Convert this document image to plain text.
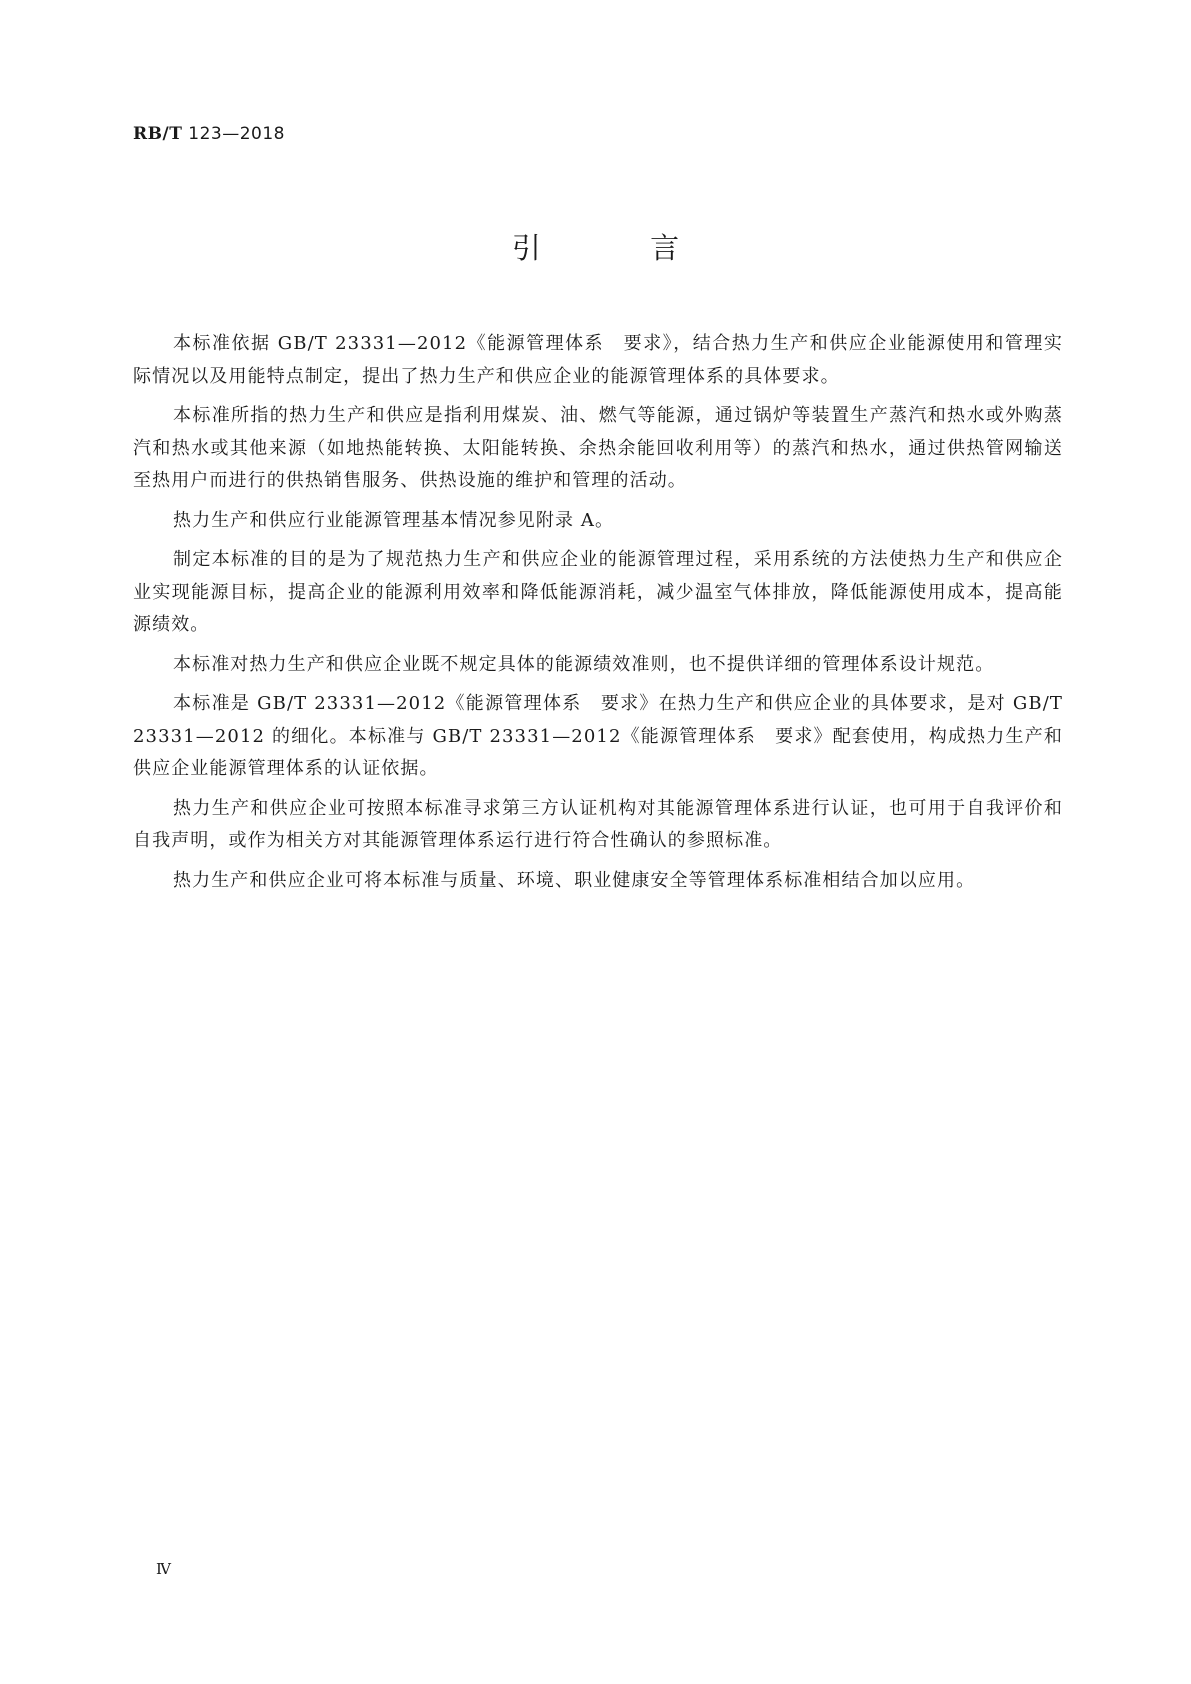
RB/T 123—2018
引 言

本标准依据 GB/T 23331—2012《能源管理体系　要求》，结合热力生产和供应企业能源使用和管理实际情况以及用能特点制定，提出了热力生产和供应企业的能源管理体系的具体要求。

本标准所指的热力生产和供应是指利用煤炭、油、燃气等能源，通过锅炉等装置生产蒸汽和热水或外购蒸汽和热水或其他来源（如地热能转换、太阳能转换、余热余能回收利用等）的蒸汽和热水，通过供热管网输送至热用户而进行的供热销售服务、供热设施的维护和管理的活动。

热力生产和供应行业能源管理基本情况参见附录 A。

制定本标准的目的是为了规范热力生产和供应企业的能源管理过程，采用系统的方法使热力生产和供应企业实现能源目标，提高企业的能源利用效率和降低能源消耗，减少温室气体排放，降低能源使用成本，提高能源绩效。

本标准对热力生产和供应企业既不规定具体的能源绩效准则，也不提供详细的管理体系设计规范。

本标准是 GB/T 23331—2012《能源管理体系　要求》在热力生产和供应企业的具体要求，是对 GB/T 23331—2012 的细化。本标准与 GB/T 23331—2012《能源管理体系　要求》配套使用，构成热力生产和供应企业能源管理体系的认证依据。

热力生产和供应企业可按照本标准寻求第三方认证机构对其能源管理体系进行认证，也可用于自我评价和自我声明，或作为相关方对其能源管理体系运行进行符合性确认的参照标准。

热力生产和供应企业可将本标准与质量、环境、职业健康安全等管理体系标准相结合加以应用。

Ⅳ
